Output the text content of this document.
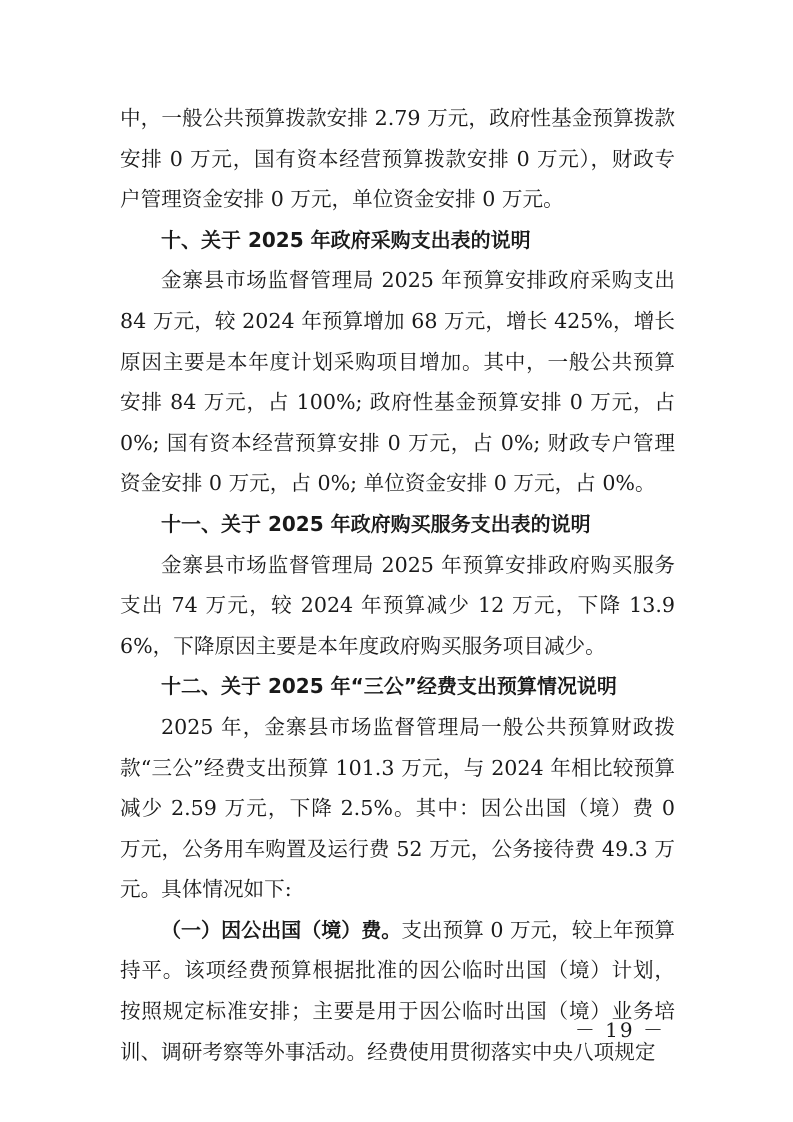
中，一般公共预算拨款安排 2.79 万元，政府性基金预算拨款安排 0 万元，国有资本经营预算拨款安排 0 万元），财政专户管理资金安排 0 万元，单位资金安排 0 万元。

十、关于 2025 年政府采购支出表的说明

金寨县市场监督管理局 2025 年预算安排政府采购支出 84 万元，较 2024 年预算增加 68 万元，增长 425%，增长原因主要是本年度计划采购项目增加。其中，一般公共预算安排 84 万元，占 100%; 政府性基金预算安排 0 万元，占 0%; 国有资本经营预算安排 0 万元，占 0%; 财政专户管理资金安排 0 万元，占 0%; 单位资金安排 0 万元，占 0%。

十一、关于 2025 年政府购买服务支出表的说明

金寨县市场监督管理局 2025 年预算安排政府购买服务支出 74 万元，较 2024 年预算减少 12 万元，下降 13.96%，下降原因主要是本年度政府购买服务项目减少。

十二、关于 2025 年“三公”经费支出预算情况说明

2025 年，金寨县市场监督管理局一般公共预算财政拨款“三公”经费支出预算 101.3 万元，与 2024 年相比较预算减少 2.59 万元，下降 2.5%。其中：因公出国（境）费 0 万元，公务用车购置及运行费 52 万元，公务接待费 49.3 万元。具体情况如下:

（一）因公出国（境）费。支出预算 0 万元，较上年预算持平。该项经费预算根据批准的因公临时出国（境）计划，按照规定标准安排；主要是用于因公临时出国（境）业务培训、调研考察等外事活动。经费使用贯彻落实中央八项规定

－ 19 －
